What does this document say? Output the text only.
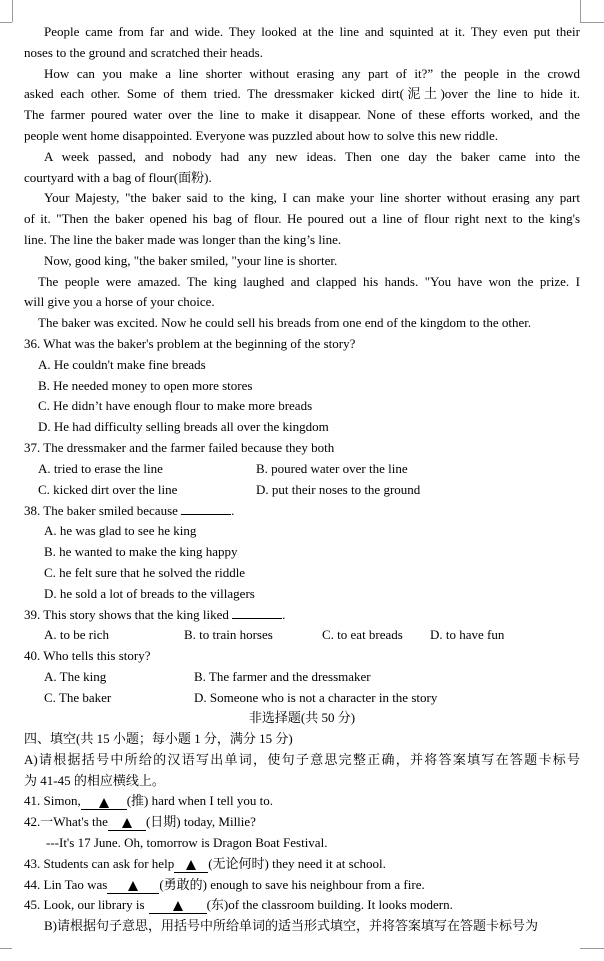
People came from far and wide. They looked at the line and squinted at it. They even put their
noses to the ground and scratched their heads.
How can you make a line shorter without erasing any part of it?” the people in the crowd
asked each other. Some of them tried. The dressmaker kicked dirt(泥土)over the line to hide it.
The farmer poured water over the line to make it disappear. None of these efforts worked, and the
people went home disappointed. Everyone was puzzled about how to solve this new riddle.
A week passed, and nobody had any new ideas. Then one day the baker came into the
courtyard with a bag of flour(面粉).
Your Majesty, "the baker said to the king, I can make your line shorter without erasing any part
of it. "Then the baker opened his bag of flour. He poured out a line of flour right next to the king's
line. The line the baker made was longer than the king’s line.
Now, good king, "the baker smiled, "your line is shorter.
The people were amazed. The king laughed and clapped his hands. "You have won the prize. I
will give you a horse of your choice.
The baker was excited. Now he could sell his breads from one end of the kingdom to the other.
36. What was the baker's problem at the beginning of the story?
A. He couldn't make fine breads
B. He needed money to open more stores
C. He didn’t have enough flour to make more breads
D. He had difficulty selling breads all over the kingdom
37. The dressmaker and the farmer failed because they both
A. tried to erase the line	B. poured water over the line
C. kicked dirt over the line	D. put their noses to the ground
38. The baker smiled because	.
A. he was glad to see he king
B. he wanted to make the king happy
C. he felt sure that he solved the riddle
D. he sold a lot of breads to the villagers
39. This story shows that the king liked	.
A. to be rich	B. to train horses	C. to eat breads	D. to have fun
40. Who tells this story?
A. The king	B. The farmer and the dressmaker
C. The baker	D. Someone who is not a character in the story
非选择题(共 50 分)
四、填空(共 15 小题；每小题 1 分，满分 15 分)
A)请根据括号中所给的汉语写出单词，使句子意思完整正确，并将答案填写在答题卡标号
为 41-45 的相应横线上。
41. Simon,	(推) hard when I tell you to.
42.一What's the	(日期) today, Millie?
---It's 17 June. Oh, tomorrow is Dragon Boat Festival.
43. Students can ask for help	(无论何时) they need it at school.
44. Lin Tao was	(勇敢的) enough to save his neighbour from a fire.
45. Look, our library is	(东)of the classroom building. It looks modern.
B)请根据句子意思，用括号中所给单词的适当形式填空，并将答案填写在答题卡标号为
